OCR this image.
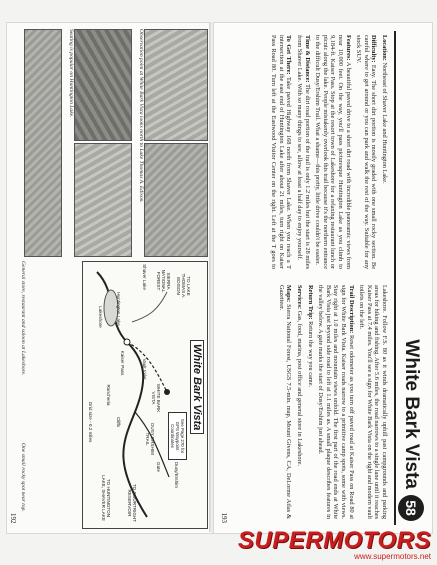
Observation point at White Bark Vista looks north to Lake Thomas A. Edison.
Seating is popular on Huntington Lake.
One small rocky spot near top.
General store, restaurant and saloon at Lakeshore.
White Bark Vista
See Page 270 for GPS Waypoint Coordinates
TO LAKE THOMAS A. EDISON
Kaiser Pass
Shaver Lake
Lakeshore	Huntington Lake
Rancheria
Dusy/Ershim
SIERRA NATIONAL FOREST
TO HUNTINGTON LAKE, SHAVER LAKE	TO COURTRIGHT RESERVOIR
WHITE BARK VISTA
DUSY ERSHIM TRAIL
Vault toilet
Gate
Cliffs
Grid size - 0.2 miles
192
White Bark Vista
58

Location: Northeast of Shaver Lake and Huntington Lake.

Difficulty: Easy. The short dirt portion is mostly graded with one small rocky section. Be careful where to get around or you can park and walk the rest of the way. Suitable for any stock SUV.

Features: A beautiful paved drive to a short dirt road with incredible panoramic views from near 10,000 feet. On the way, you'll pass picturesque Huntington Lake as you climb to 9,184-ft. Kaiser Pass. Stop at the resort town of Lakeshore for a relaxing restaurant lunch or picnic along the lake. People mistakenly overlook this trail because it's the northern entrance to the difficult Dusy/Ershim Trail. What a shame—this pretty, little drive couldn't be easier.

Time & Distance: The dirt road portion of the trail is only 1.2 miles but the start is 28 miles from Shaver Lake. With so many things to see, allow at least a half day to enjoy yourself.

To Get There: Take paved Highway 168 north from Shaver Lake. When you reach a T intersection at the east end of Huntington Lake after about 21 miles, turn right on Kaiser Pass Road 80. Turn left at the Eastwood Visitor Center on the right. Left at the T goes to Lakeshore. Follow F.S. 80 as it winds dramatically uphill past campgrounds and parking areas for hiking and fishing. After 5.6 miles, the road narrows to a single lane until it reaches Kaiser Pass at 7.4 miles. You'll see a sign for White Bark Vista on the right and modern vault toilets on the left.

Trail Description: Reset odometer as you turn off paved road at Kaiser Pass on Road 80 at sign for White Bark Vista. Kaiser roads narrow to a primitive camp spots, some with views. Stay right at 1.0 miles and mountain views unfold. The first part of the road ends at White Bark Vista just beyond side road to left at 1.1 miles as. A small plaque describes features in the valley below. A gate marks the start of Dusy/Ershim just ahead.

Return Trip: Return the way you came.

Services: Gas, food, marina, post office and general store in Lakeshore.

Maps: Sierra National Forest, USGS 7.5-min. map, Mount Givens, CA, DeLorme Atlas & Gazetteer.

193
SUPERMOTORS
www.supermotors.net
